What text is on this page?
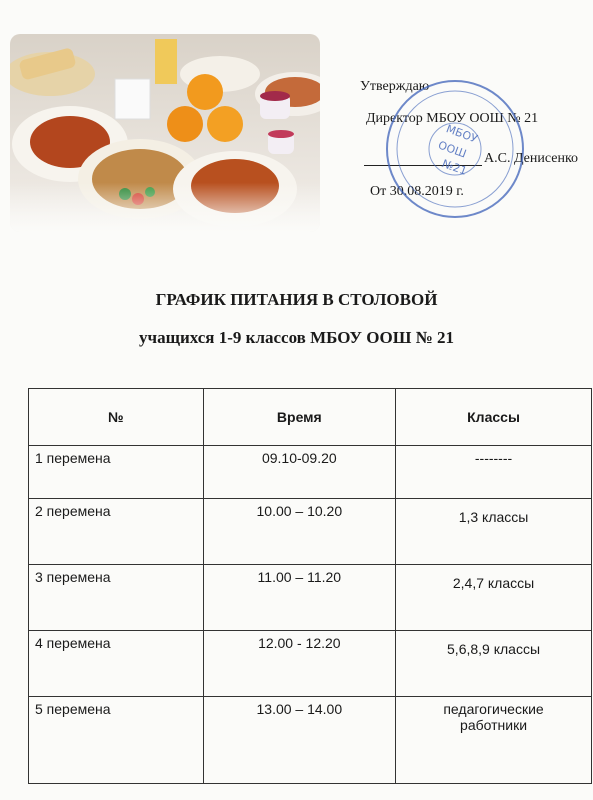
Утверждаю
Директор МБОУ ООШ № 21
А.С. Денисенко
От 30.08.2019 г.
МБОУ
ООШ
№21
ГРАФИК ПИТАНИЯ В СТОЛОВОЙ
учащихся 1-9 классов МБОУ ООШ № 21
№	Время	Классы
1 перемена	09.10-09.20	--------
2 перемена	10.00 – 10.20	1,3 классы
3 перемена	11.00 – 11.20	2,4,7 классы
4 перемена	12.00 - 12.20	5,6,8,9 классы
5 перемена	13.00 – 14.00	педагогические работники
